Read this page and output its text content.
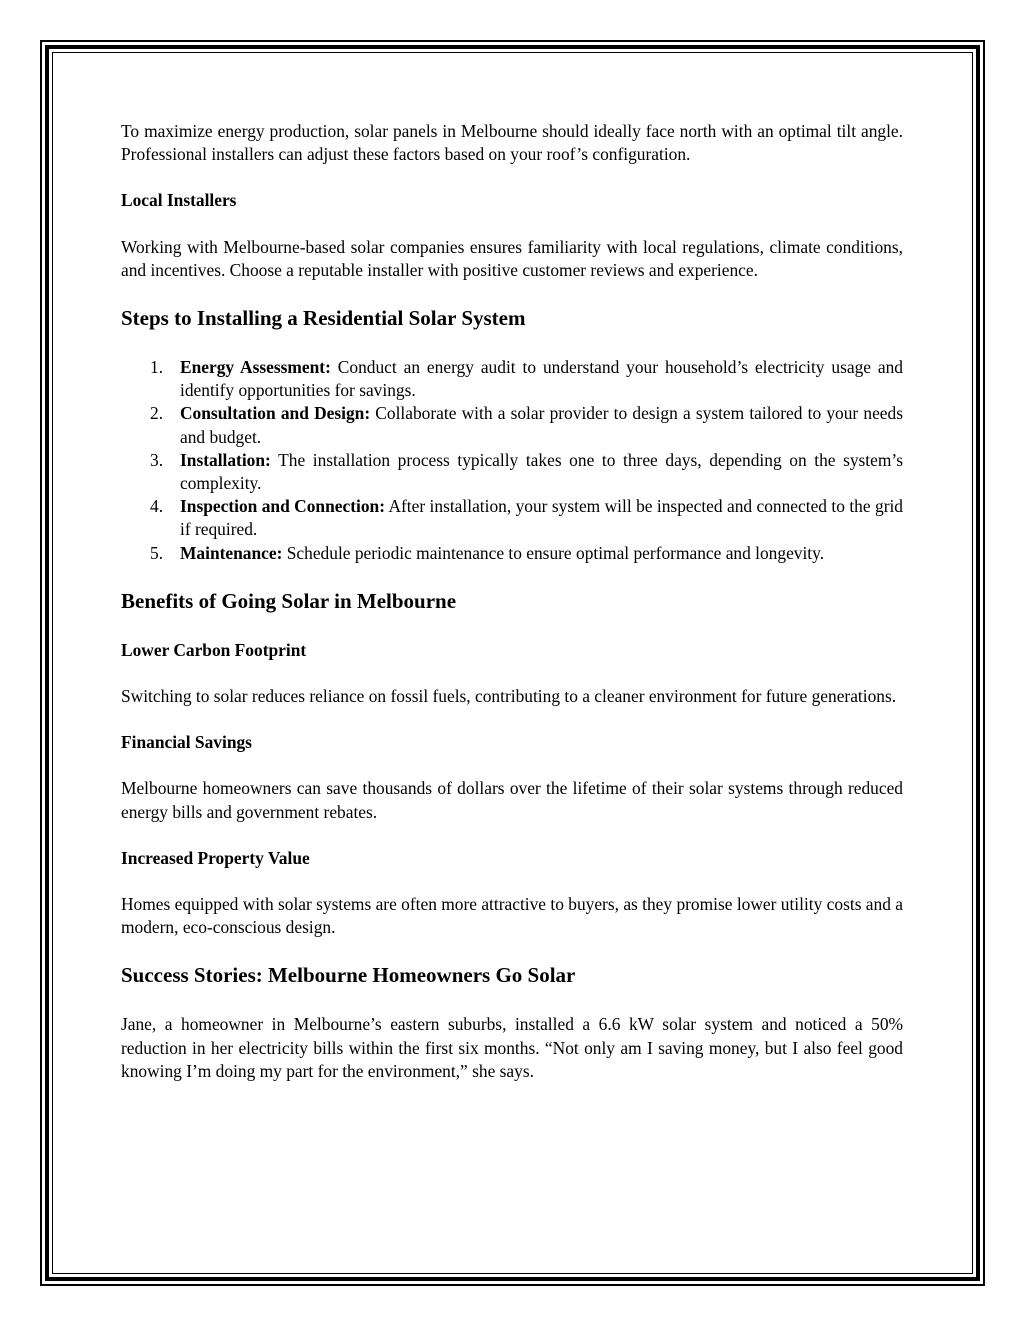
To maximize energy production, solar panels in Melbourne should ideally face north with an optimal tilt angle. Professional installers can adjust these factors based on your roof’s configuration.

Local Installers

Working with Melbourne-based solar companies ensures familiarity with local regulations, climate conditions, and incentives. Choose a reputable installer with positive customer reviews and experience.

Steps to Installing a Residential Solar System
1. Energy Assessment: Conduct an energy audit to understand your household’s electricity usage and identify opportunities for savings.
2. Consultation and Design: Collaborate with a solar provider to design a system tailored to your needs and budget.
3. Installation: The installation process typically takes one to three days, depending on the system’s complexity.
4. Inspection and Connection: After installation, your system will be inspected and connected to the grid if required.
5. Maintenance: Schedule periodic maintenance to ensure optimal performance and longevity.
Benefits of Going Solar in Melbourne
Lower Carbon Footprint

Switching to solar reduces reliance on fossil fuels, contributing to a cleaner environment for future generations.

Financial Savings

Melbourne homeowners can save thousands of dollars over the lifetime of their solar systems through reduced energy bills and government rebates.

Increased Property Value

Homes equipped with solar systems are often more attractive to buyers, as they promise lower utility costs and a modern, eco-conscious design.

Success Stories: Melbourne Homeowners Go Solar

Jane, a homeowner in Melbourne’s eastern suburbs, installed a 6.6 kW solar system and noticed a 50% reduction in her electricity bills within the first six months. “Not only am I saving money, but I also feel good knowing I’m doing my part for the environment,” she says.
